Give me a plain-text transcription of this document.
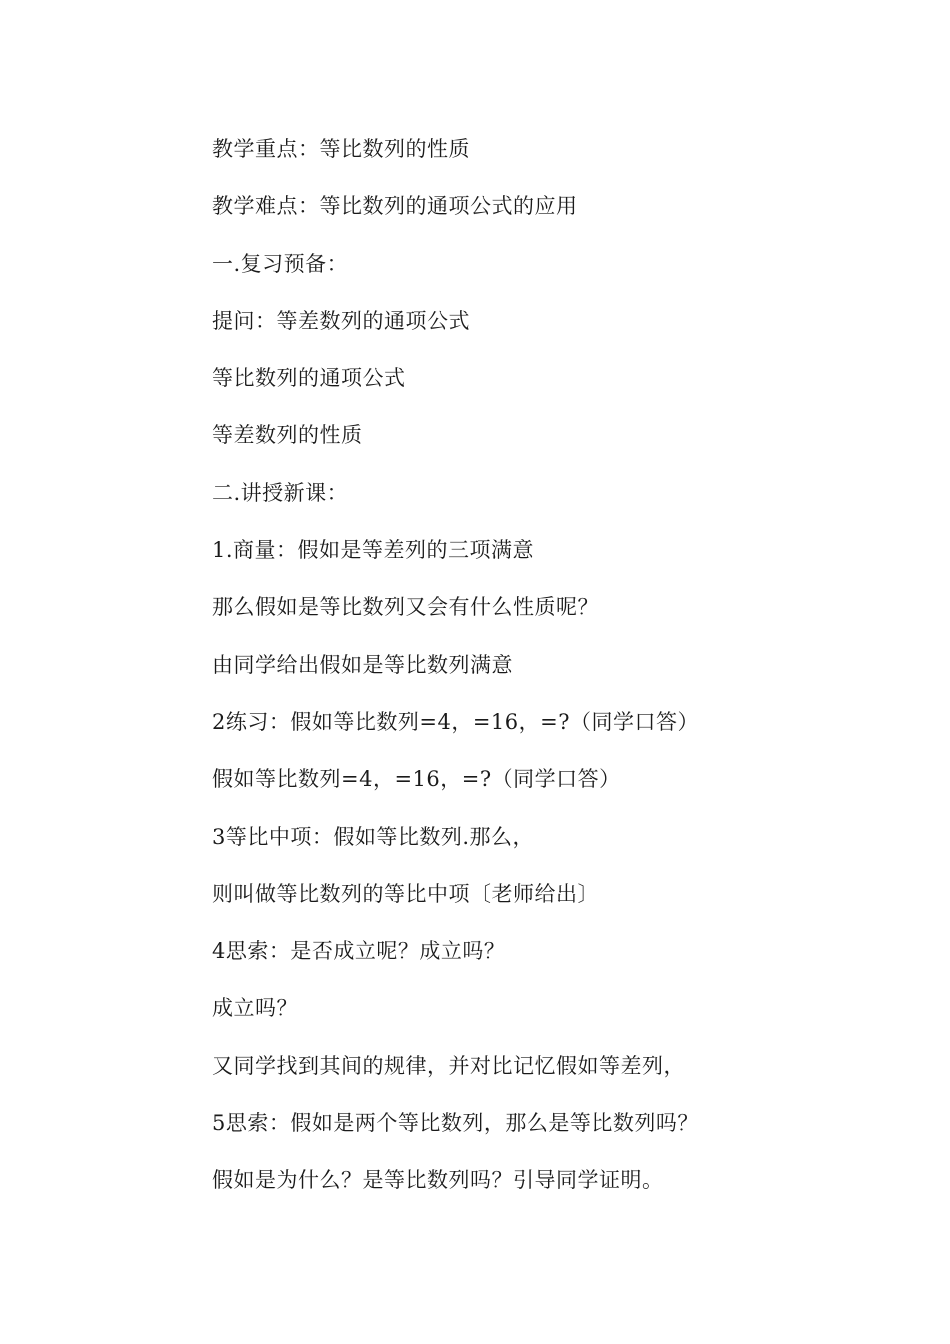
教学重点：等比数列的性质
教学难点：等比数列的通项公式的应用
一.复习预备：
提问：等差数列的通项公式
等比数列的通项公式
等差数列的性质
二.讲授新课：
1.商量：假如是等差列的三项满意
那么假如是等比数列又会有什么性质呢？
由同学给出假如是等比数列满意
2练习：假如等比数列=4，=16，=?（同学口答）
假如等比数列=4，=16，=?（同学口答）
3等比中项：假如等比数列.那么，
则叫做等比数列的等比中项〔老师给出〕
4思索：是否成立呢？成立吗？
成立吗？
又同学找到其间的规律，并对比记忆假如等差列，
5思索：假如是两个等比数列，那么是等比数列吗？
假如是为什么？是等比数列吗？引导同学证明。
